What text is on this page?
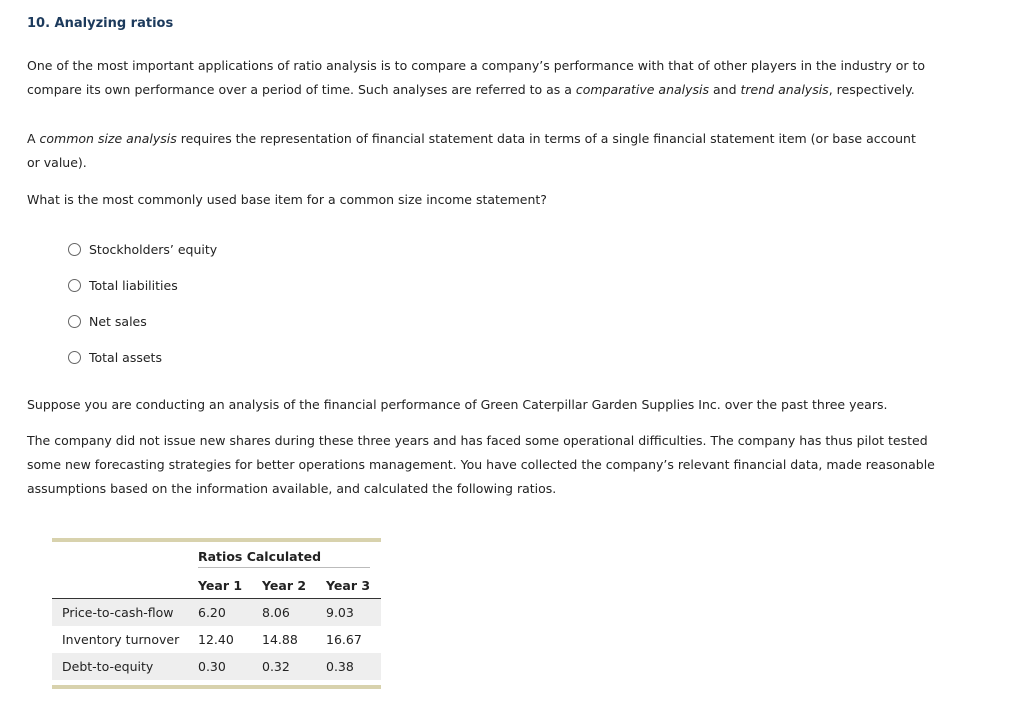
10. Analyzing ratios
One of the most important applications of ratio analysis is to compare a company’s performance with that of other players in the industry or to
compare its own performance over a period of time. Such analyses are referred to as a comparative analysis and trend analysis, respectively.
A common size analysis requires the representation of financial statement data in terms of a single financial statement item (or base account or value).
What is the most commonly used base item for a common size income statement?
Stockholders’ equity
Total liabilities
Net sales
Total assets
Suppose you are conducting an analysis of the financial performance of Green Caterpillar Garden Supplies Inc. over the past three years.
The company did not issue new shares during these three years and has faced some operational difficulties. The company has thus pilot tested some new forecasting strategies for better operations management. You have collected the company’s relevant financial data, made reasonable assumptions based on the information available, and calculated the following ratios.
Ratios Calculated
Year 1	Year 2	Year 3
Price-to-cash-flow	6.20	8.06	9.03
Inventory turnover	12.40	14.88	16.67
Debt-to-equity	0.30	0.32	0.38
